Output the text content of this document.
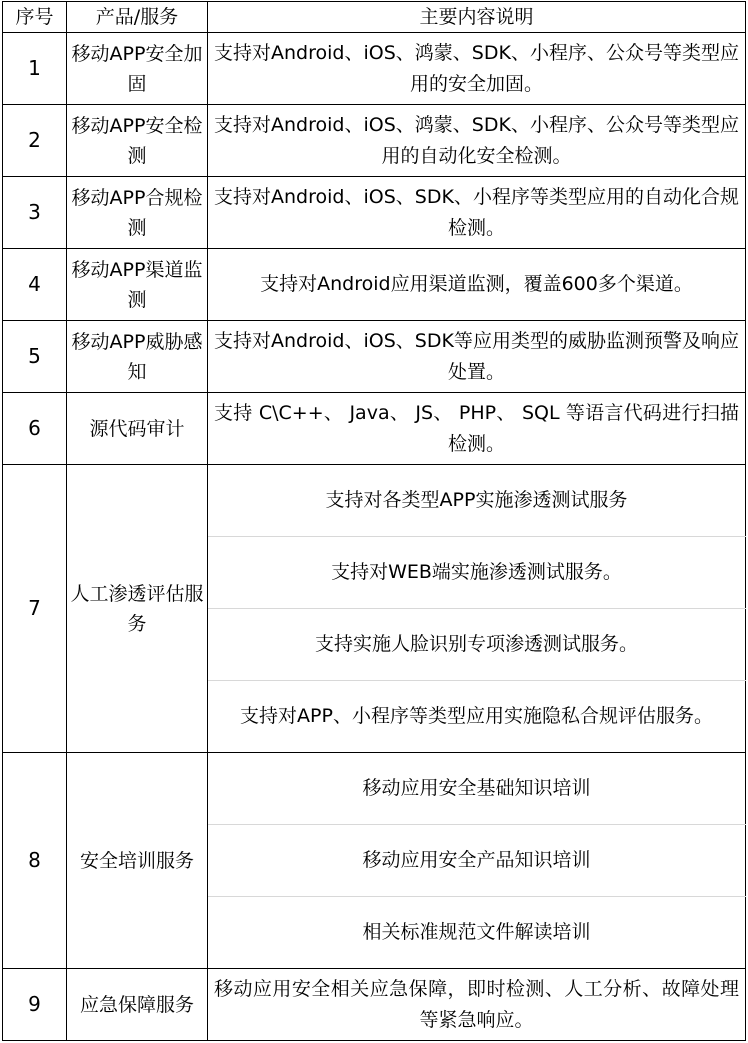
序号	产品/服务	主要内容说明
1	移动APP安全加固	支持对Android、iOS、鸿蒙、SDK、小程序、公众号等类型应用的安全加固。
2	移动APP安全检测	支持对Android、iOS、鸿蒙、SDK、小程序、公众号等类型应用的自动化安全检测。
3	移动APP合规检测	支持对Android、iOS、SDK、小程序等类型应用的自动化合规检测。
4	移动APP渠道监测	支持对Android应用渠道监测，覆盖600多个渠道。
5	移动APP威胁感知	支持对Android、iOS、SDK等应用类型的威胁监测预警及响应处置。
6	源代码审计	支持 C\C++、 Java、 JS、 PHP、 SQL 等语言代码进行扫描检测。
7	人工渗透评估服务	支持对各类型APP实施渗透测试服务
		支持对WEB端实施渗透测试服务。
		支持实施人脸识别专项渗透测试服务。
		支持对APP、小程序等类型应用实施隐私合规评估服务。
8	安全培训服务	移动应用安全基础知识培训
		移动应用安全产品知识培训
		相关标准规范文件解读培训
9	应急保障服务	移动应用安全相关应急保障，即时检测、人工分析、故障处理等紧急响应。
